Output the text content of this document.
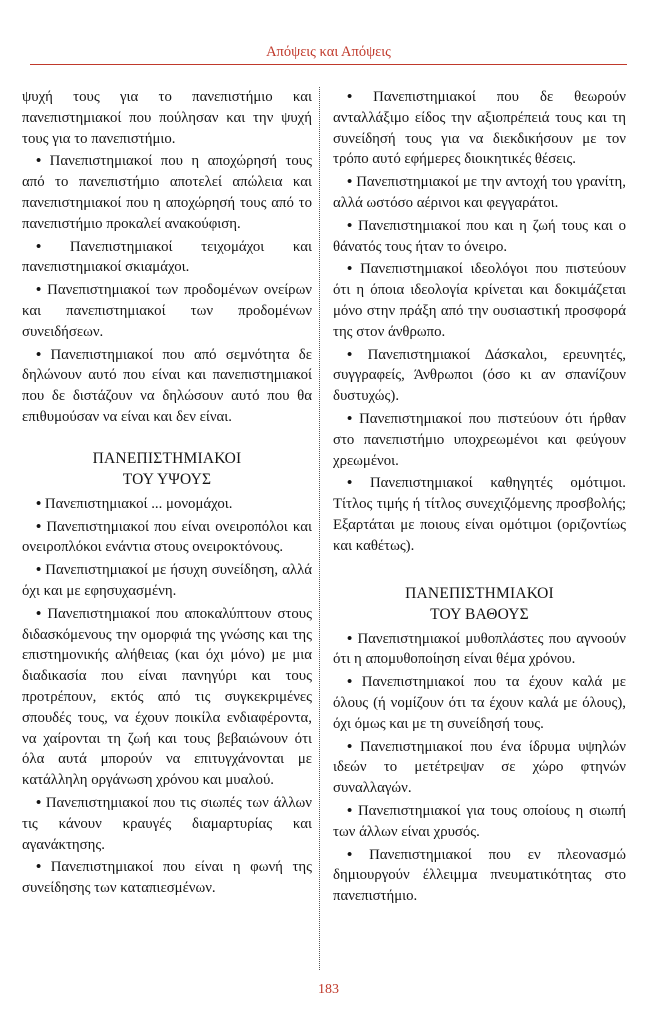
Απόψεις και Απόψεις

ψυχή τους για το πανεπιστήμιο και πανεπιστημιακοί που πούλησαν και την ψυχή τους για το πανεπιστήμιο.

• Πανεπιστημιακοί που η αποχώρησή τους από το πανεπιστήμιο αποτελεί απώλεια και πανεπιστημιακοί που η αποχώρησή τους από το πανεπιστήμιο προκαλεί ανακούφιση.

• Πανεπιστημιακοί τειχομάχοι και πανεπιστημιακοί σκιαμάχοι.

• Πανεπιστημιακοί των προδομένων ονείρων και πανεπιστημιακοί των προδομένων συνειδήσεων.

• Πανεπιστημιακοί που από σεμνότητα δε δηλώνουν αυτό που είναι και πανεπιστημιακοί που δε διστάζουν να δηλώσουν αυτό που θα επιθυμούσαν να είναι και δεν είναι.

ΠΑΝΕΠΙΣΤΗΜΙΑΚΟΙ
ΤΟΥ ΥΨΟΥΣ

• Πανεπιστημιακοί ... μονομάχοι.

• Πανεπιστημιακοί που είναι ονειροπόλοι και ονειροπλόκοι ενάντια στους ονειροκτόνους.

• Πανεπιστημιακοί με ήσυχη συνείδηση, αλλά όχι και με εφησυχασμένη.

• Πανεπιστημιακοί που αποκαλύπτουν στους διδασκόμενους την ομορφιά της γνώσης και της επιστημονικής αλήθειας (και όχι μόνο) με μια διαδικασία που είναι πανηγύρι και τους προτρέπουν, εκτός από τις συγκεκριμένες σπουδές τους, να έχουν ποικίλα ενδιαφέροντα, να χαίρονται τη ζωή και τους βεβαιώνουν ότι όλα αυτά μπορούν να επιτυγχάνονται με κατάλληλη οργάνωση χρόνου και μυαλού.

• Πανεπιστημιακοί που τις σιωπές των άλλων τις κάνουν κραυγές διαμαρτυρίας και αγανάκτησης.

• Πανεπιστημιακοί που είναι η φωνή της συνείδησης των καταπιεσμένων.

• Πανεπιστημιακοί που δε θεωρούν ανταλλάξιμο είδος την αξιοπρέπειά τους και τη συνείδησή τους για να διεκδικήσουν με τον τρόπο αυτό εφήμερες διοικητικές θέσεις.

• Πανεπιστημιακοί με την αντοχή του γρανίτη, αλλά ωστόσο αέρινοι και φεγγαράτοι.

• Πανεπιστημιακοί που και η ζωή τους και ο θάνατός τους ήταν το όνειρο.

• Πανεπιστημιακοί ιδεολόγοι που πιστεύουν ότι η όποια ιδεολογία κρίνεται και δοκιμάζεται μόνο στην πράξη από την ουσιαστική προσφορά της στον άνθρωπο.

• Πανεπιστημιακοί Δάσκαλοι, ερευνητές, συγγραφείς, Άνθρωποι (όσο κι αν σπανίζουν δυστυχώς).

• Πανεπιστημιακοί που πιστεύουν ότι ήρθαν στο πανεπιστήμιο υποχρεωμένοι και φεύγουν χρεωμένοι.

• Πανεπιστημιακοί καθηγητές ομότιμοι. Τίτλος τιμής ή τίτλος συνεχιζόμενης προσβολής; Εξαρτάται με ποιους είναι ομότιμοι (οριζοντίως και καθέτως).

ΠΑΝΕΠΙΣΤΗΜΙΑΚΟΙ
ΤΟΥ ΒΑΘΟΥΣ

• Πανεπιστημιακοί μυθοπλάστες που αγνοούν ότι η απομυθοποίηση είναι θέμα χρόνου.

• Πανεπιστημιακοί που τα έχουν καλά με όλους (ή νομίζουν ότι τα έχουν καλά με όλους), όχι όμως και με τη συνείδησή τους.

• Πανεπιστημιακοί που ένα ίδρυμα υψηλών ιδεών το μετέτρεψαν σε χώρο φτηνών συναλλαγών.

• Πανεπιστημιακοί για τους οποίους η σιωπή των άλλων είναι χρυσός.

• Πανεπιστημιακοί που εν πλεονασμώ δημιουργούν έλλειμμα πνευματικότητας στο πανεπιστήμιο.

183
